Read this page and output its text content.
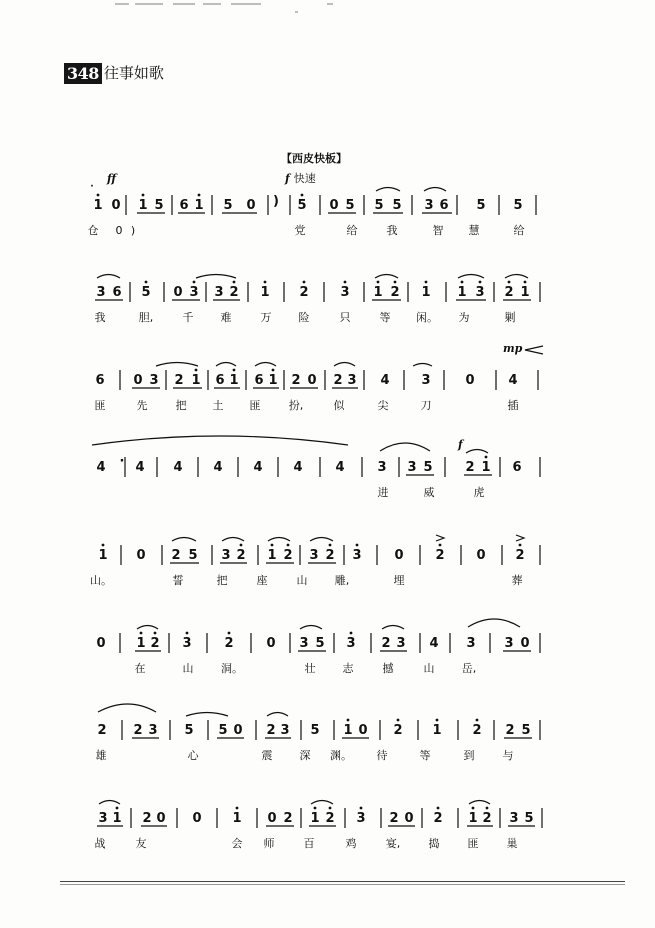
348 往事如歌
【西皮快板】
f 快速
ff
f
mp
1 0 1 5 6 1 5 0 ) 5 0 5 5 5 3 6 5 5
·
3 6 5 0 3 3 2 1 2 3 1 2 1 1 3 2 1
6 0 3 2 1 6 1 6 1 2 0 2 3 4 3	0	4
4 · 4 4 4 4 4	4	3 3 5	2 1 6
1 0 2 5 3 2 1 2 3 2 3	0 2 0 2
0 1 2 3	2	0 3 5 3 2 3 4 3 3 0
2 2 3 5 5 0 2 3 5 1 0 2 1 2 2 5
3 1 2 0 0 1 0 2 1 2 3 2 0 2 1 2 3 5
仓 0 )	党	给	我	智 慧	给
我	胆,	千 难	万 险	只	等 闲。 为	剿
匪	先	把 土 匪	扮,	似	尖	刀	插
进	威	虎
山。	誓	把	座	山 雕,	埋	葬
在	山	洞。	壮 志	撼	山 岳,
雄	心	震 深 渊。 待	等	到	与
战	友	会 师	百	鸡	宴,	捣	匪	巢
